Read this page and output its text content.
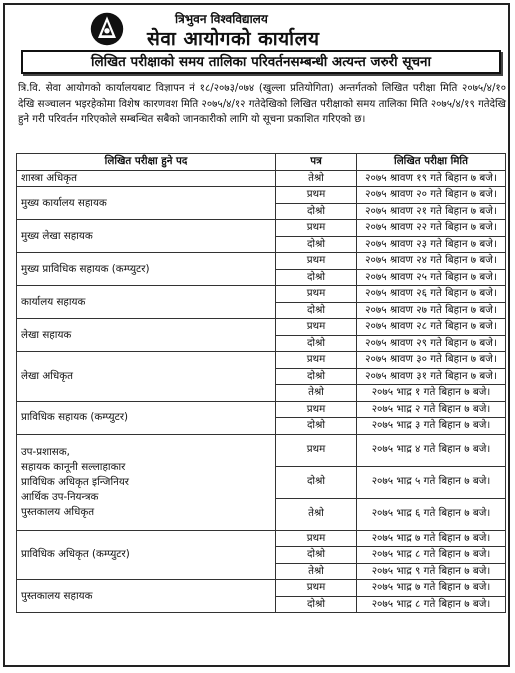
त्रिभुवन विश्वविद्यालय
सेवा आयोगको कार्यालय
लिखित परीक्षाको समय तालिका परिवर्तनसम्बन्धी अत्यन्त जरुरी सूचना
त्रि.वि. सेवा आयोगको कार्यालयबाट विज्ञापन नं १८/२०७३/०७४ (खुल्ला प्रतियोगिता) अन्तर्गतको लिखित परीक्षा मिति २०७५/४/१० देखि सञ्चालन भइरहेकोमा विशेष कारणवश मिति २०७५/४/१२ गतेदेखिको लिखित परीक्षाको समय तालिका मिति २०७५/४/१९ गतेदेखि हुने गरी परिवर्तन गरिएकोले सम्बन्धित सबैको जानकारीको लागि यो सूचना प्रकाशित गरिएको छ।
लिखित परीक्षा हुने पद	पत्र	लिखित परीक्षा मिति

शास्त्रा अधिकृत	तेश्रो	२०७५ श्रावण १९ गते बिहान ७ बजे।

मुख्य कार्यालय सहायक	प्रथम	२०७५ श्रावण २० गते बिहान ७ बजे।
	दोश्रो	२०७५ श्रावण २१ गते बिहान ७ बजे।

मुख्य लेखा सहायक	प्रथम	२०७५ श्रावण २२ गते बिहान ७ बजे।
	दोश्रो	२०७५ श्रावण २३ गते बिहान ७ बजे।

मुख्य प्राविधिक सहायक (कम्प्युटर)	प्रथम	२०७५ श्रावण २४ गते बिहान ७ बजे।
	दोश्रो	२०७५ श्रावण २५ गते बिहान ७ बजे।

कार्यालय सहायक	प्रथम	२०७५ श्रावण २६ गते बिहान ७ बजे।
	दोश्रो	२०७५ श्रावण २७ गते बिहान ७ बजे।

लेखा सहायक	प्रथम	२०७५ श्रावण २८ गते बिहान ७ बजे।
	दोश्रो	२०७५ श्रावण २९ गते बिहान ७ बजे।

लेखा अधिकृत	प्रथम	२०७५ श्रावण ३० गते बिहान ७ बजे।
	दोश्रो	२०७५ श्रावण ३१ गते बिहान ७ बजे।
	तेश्रो	२०७५ भाद्र १ गते बिहान ७ बजे।

प्राविधिक सहायक (कम्प्युटर)	प्रथम	२०७५ भाद्र २ गते बिहान ७ बजे।
	दोश्रो	२०७५ भाद्र ३ गते बिहान ७ बजे।

उप-प्रशासक,
सहायक कानूनी सल्लाहाकार
प्राविधिक अधिकृत इन्जिनियर
आर्थिक उप-नियन्त्रक
पुस्तकालय अधिकृत	प्रथम	२०७५ भाद्र ४ गते बिहान ७ बजे।
	दोश्रो	२०७५ भाद्र ५ गते बिहान ७ बजे।
	तेश्रो	२०७५ भाद्र ६ गते बिहान ७ बजे।

प्राविधिक अधिकृत (कम्प्युटर)	प्रथम	२०७५ भाद्र ७ गते बिहान ७ बजे।
	दोश्रो	२०७५ भाद्र ८ गते बिहान ७ बजे।
	तेश्रो	२०७५ भाद्र ९ गते बिहान ७ बजे।

पुस्तकालय सहायक	प्रथम	२०७५ भाद्र ७ गते बिहान ७ बजे।
	दोश्रो	२०७५ भाद्र ८ गते बिहान ७ बजे।
